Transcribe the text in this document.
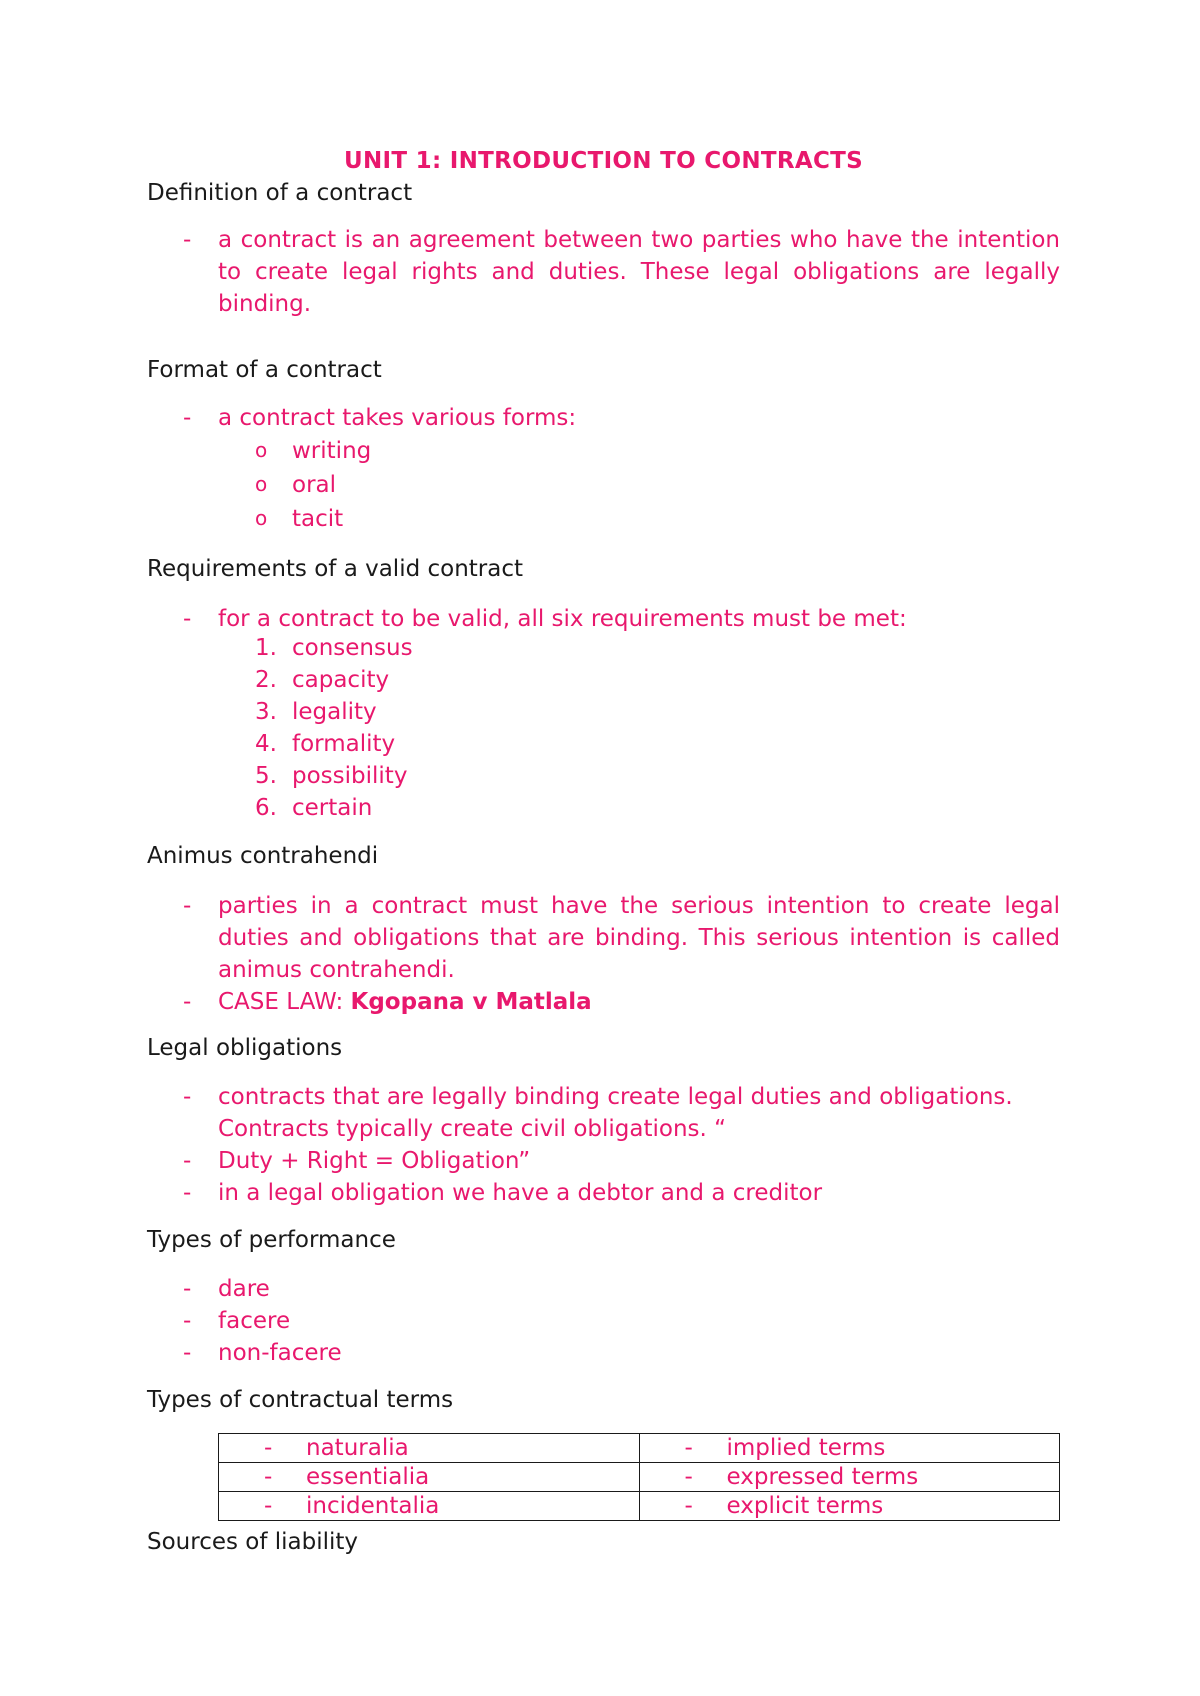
UNIT 1: INTRODUCTION TO CONTRACTS
Definition of a contract
- a contract is an agreement between two parties who have the intention to create legal rights and duties. These legal obligations are legally binding.
Format of a contract
- a contract takes various forms:
o writing
o oral
o tacit
Requirements of a valid contract
- for a contract to be valid, all six requirements must be met:
1. consensus
2. capacity
3. legality
4. formality
5. possibility
6. certain
Animus contrahendi
- parties in a contract must have the serious intention to create legal duties and obligations that are binding. This serious intention is called animus contrahendi.
- CASE LAW: Kgopana v Matlala
Legal obligations
- contracts that are legally binding create legal duties and obligations. Contracts typically create civil obligations. “
- Duty + Right = Obligation”
- in a legal obligation we have a debtor and a creditor
Types of performance
- dare
- facere
- non-facere
Types of contractual terms
- naturalia	- implied terms
- essentialia	- expressed terms
- incidentalia	- explicit terms
Sources of liability
